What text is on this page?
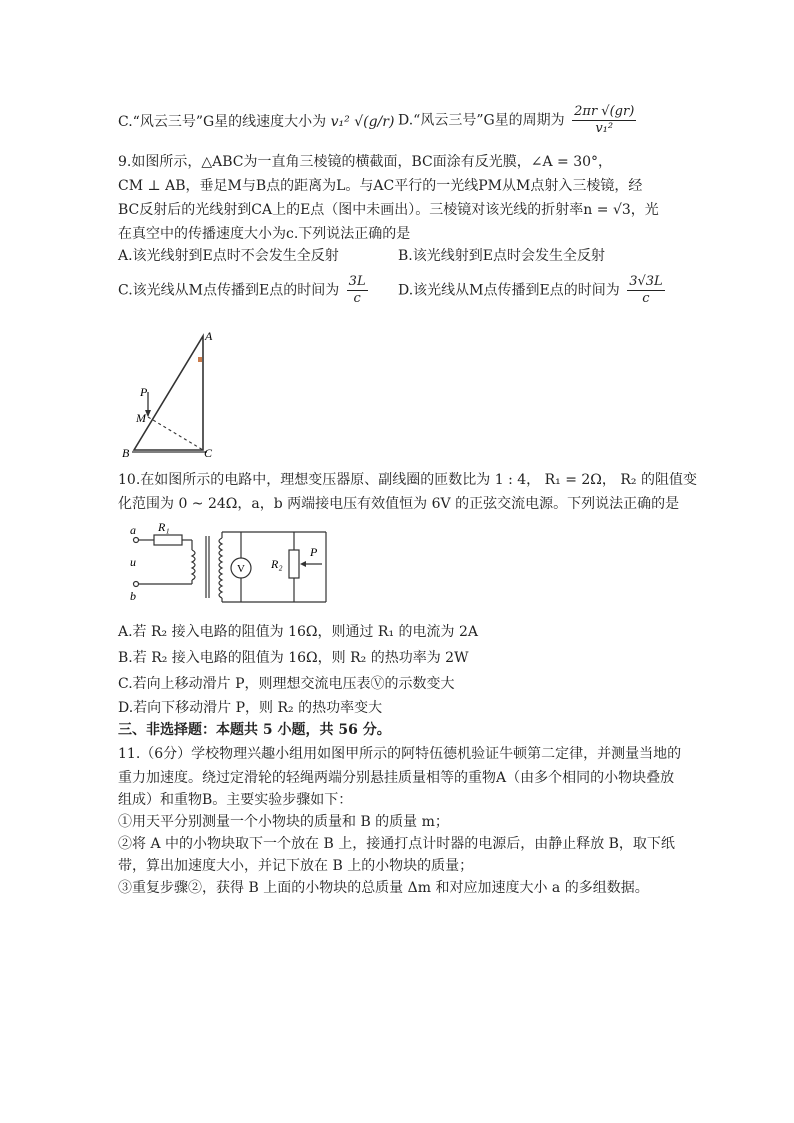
C.“风云三号”G星的线速度大小为 v₁² √(g/r) D.“风云三号”G星的周期为 $\frac{2\pi r √(gr)}{\text{v₁²}}$
9.如图所示，△ABC为一直角三棱镜的横截面，BC面涂有反光膜，∠A = 30°，
CM ⊥ AB，垂足M与B点的距离为L。与AC平行的一光线PM从M点射入三棱镜，经
BC反射后的光线射到CA上的E点（图中未画出）。三棱镜对该光线的折射率n = √3，光
在真空中的传播速度大小为c.下列说法正确的是
A.该光线射到E点时不会发生全反射	B.该光线射到E点时会发生全反射
C.该光线从M点传播到E点的时间为 $\frac{3L}{c} D$.该光线从M点传播到E点的时间为 $\frac{3√3L}{c}$
A
P
M
B	C
10.在如图所示的电路中，理想变压器原、副线圈的匝数比为 1 : 4， R₁ = 2Ω， R₂ 的阻值变
化范围为 0 ~ 24Ω，a，b 两端接电压有效值恒为 6V 的正弦交流电源。下列说法正确的是
a
u
b
R₁
V R₂
P
A.若 R₂ 接入电路的阻值为 16Ω，则通过 R₁ 的电流为 2A
B.若 R₂ 接入电路的阻值为 16Ω，则 R₂ 的热功率为 2W
C.若向上移动滑片 P，则理想交流电压表Ⓥ的示数变大
D.若向下移动滑片 P，则 R₂ 的热功率变大
三、非选择题：本题共 5 小题，共 56 分。
11.（6分）学校物理兴趣小组用如图甲所示的阿特伍德机验证牛顿第二定律，并测量当地的
重力加速度。绕过定滑轮的轻绳两端分别悬挂质量相等的重物A（由多个相同的小物块叠放
组成）和重物B。主要实验步骤如下：
①用天平分别测量一个小物块的质量和 B 的质量 m；
②将 A 中的小物块取下一个放在 B 上，接通打点计时器的电源后，由静止释放 B，取下纸
带，算出加速度大小，并记下放在 B 上的小物块的质量；
③重复步骤②，获得 B 上面的小物块的总质量 Δm 和对应加速度大小 a 的多组数据。
